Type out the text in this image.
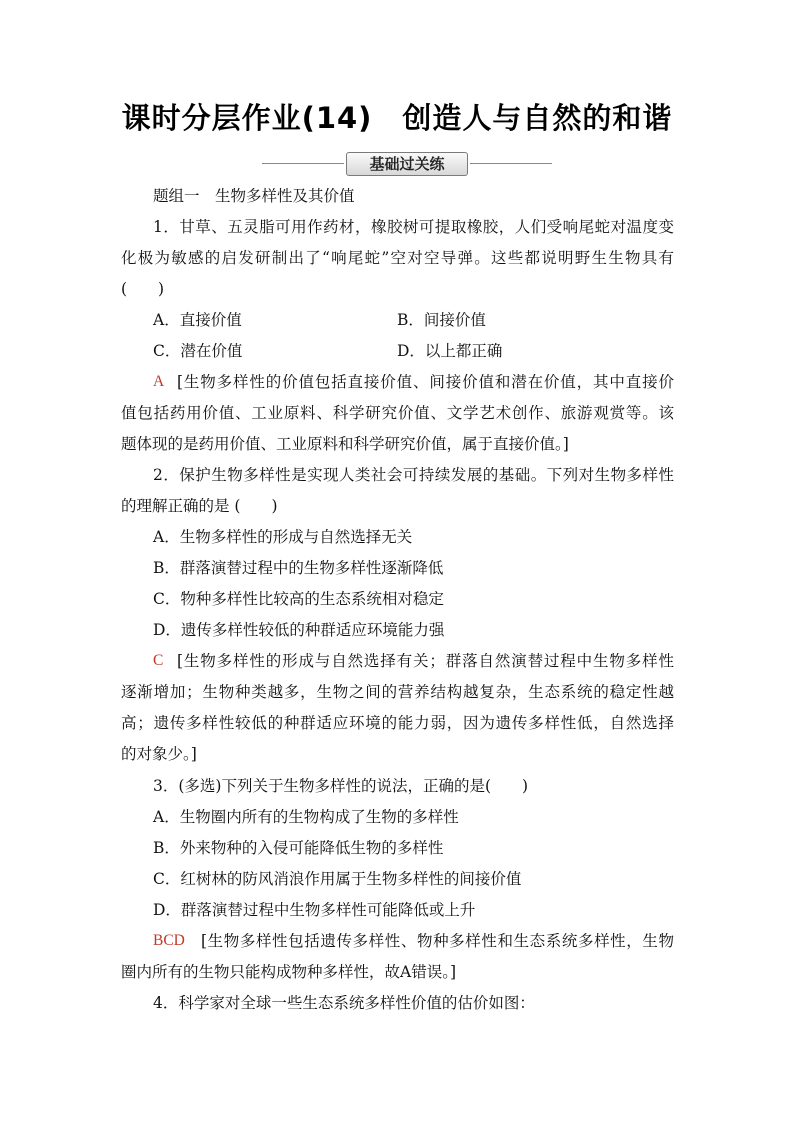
课时分层作业(14)　创造人与自然的和谐
基础过关练
题组一　生物多样性及其价值
1．甘草、五灵脂可用作药材，橡胶树可提取橡胶，人们受响尾蛇对温度变
化极为敏感的启发研制出了“响尾蛇”空对空导弹。这些都说明野生生物具有
(　　)
A．直接价值	B．间接价值
C．潜在价值	D．以上都正确
A [生物多样性的价值包括直接价值、间接价值和潜在价值，其中直接价
值包括药用价值、工业原料、科学研究价值、文学艺术创作、旅游观赏等。该
题体现的是药用价值、工业原料和科学研究价值，属于直接价值。]
2．保护生物多样性是实现人类社会可持续发展的基础。下列对生物多样性
的理解正确的是 (　　)
A．生物多样性的形成与自然选择无关
B．群落演替过程中的生物多样性逐渐降低
C．物种多样性比较高的生态系统相对稳定
D．遗传多样性较低的种群适应环境能力强
C [生物多样性的形成与自然选择有关；群落自然演替过程中生物多样性
逐渐增加；生物种类越多，生物之间的营养结构越复杂，生态系统的稳定性越
高；遗传多样性较低的种群适应环境的能力弱，因为遗传多样性低，自然选择
的对象少。]
3．(多选)下列关于生物多样性的说法，正确的是(　　)
A．生物圈内所有的生物构成了生物的多样性
B．外来物种的入侵可能降低生物的多样性
C．红树林的防风消浪作用属于生物多样性的间接价值
D．群落演替过程中生物多样性可能降低或上升
BCD [生物多样性包括遗传多样性、物种多样性和生态系统多样性，生物
圈内所有的生物只能构成物种多样性，故A错误。]
4．科学家对全球一些生态系统多样性价值的估价如图：
